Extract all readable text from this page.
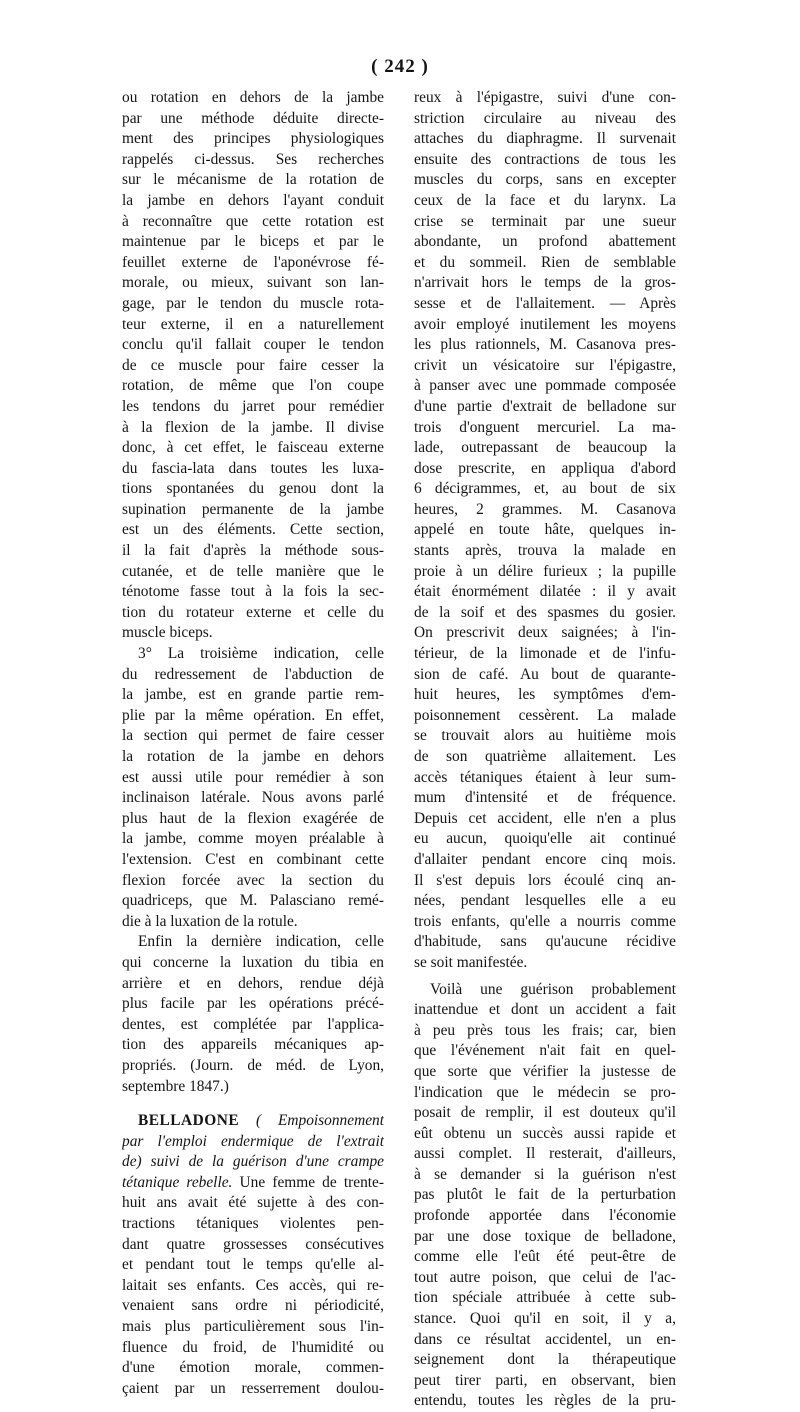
( 242 )
ou rotation en dehors de la jambe
par une méthode déduite directe-
ment des principes physiologiques
rappelés ci-dessus. Ses recherches
sur le mécanisme de la rotation de
la jambe en dehors l'ayant conduit
à reconnaître que cette rotation est
maintenue par le biceps et par le
feuillet externe de l'aponévrose fé-
morale, ou mieux, suivant son lan-
gage, par le tendon du muscle rota-
teur externe, il en a naturellement
conclu qu'il fallait couper le tendon
de ce muscle pour faire cesser la
rotation, de même que l'on coupe
les tendons du jarret pour remédier
à la flexion de la jambe. Il divise
donc, à cet effet, le faisceau externe
du fascia-lata dans toutes les luxa-
tions spontanées du genou dont la
supination permanente de la jambe
est un des éléments. Cette section,
il la fait d'après la méthode sous-
cutanée, et de telle manière que le
ténotome fasse tout à la fois la sec-
tion du rotateur externe et celle du
muscle biceps.
3° La troisième indication, celle
du redressement de l'abduction de
la jambe, est en grande partie rem-
plie par la même opération. En effet,
la section qui permet de faire cesser
la rotation de la jambe en dehors
est aussi utile pour remédier à son
inclinaison latérale. Nous avons parlé
plus haut de la flexion exagérée de
la jambe, comme moyen préalable à
l'extension. C'est en combinant cette
flexion forcée avec la section du
quadriceps, que M. Palasciano remé-
die à la luxation de la rotule.
Enfin la dernière indication, celle
qui concerne la luxation du tibia en
arrière et en dehors, rendue déjà
plus facile par les opérations précé-
dentes, est complétée par l'applica-
tion des appareils mécaniques ap-
propriés. (Journ. de méd. de Lyon,
septembre 1847.)
BELLADONE ( Empoisonnement
par l'emploi endermique de l'extrait
de) suivi de la guérison d'une crampe
tétanique rebelle. Une femme de trente-
huit ans avait été sujette à des con-
tractions tétaniques violentes pen-
dant quatre grossesses consécutives
et pendant tout le temps qu'elle al-
laitait ses enfants. Ces accès, qui re-
venaient sans ordre ni périodicité,
mais plus particulièrement sous l'in-
fluence du froid, de l'humidité ou
d'une émotion morale, commen-
çaient par un resserrement doulou-
reux à l'épigastre, suivi d'une con-
striction circulaire au niveau des
attaches du diaphragme. Il survenait
ensuite des contractions de tous les
muscles du corps, sans en excepter
ceux de la face et du larynx. La
crise se terminait par une sueur
abondante, un profond abattement
et du sommeil. Rien de semblable
n'arrivait hors le temps de la gros-
sesse et de l'allaitement. — Après
avoir employé inutilement les moyens
les plus rationnels, M. Casanova pres-
crivit un vésicatoire sur l'épigastre,
à panser avec une pommade composée
d'une partie d'extrait de belladone sur
trois d'onguent mercuriel. La ma-
lade, outrepassant de beaucoup la
dose prescrite, en appliqua d'abord
6 décigrammes, et, au bout de six
heures, 2 grammes. M. Casanova
appelé en toute hâte, quelques in-
stants après, trouva la malade en
proie à un délire furieux ; la pupille
était énormément dilatée : il y avait
de la soif et des spasmes du gosier.
On prescrivit deux saignées; à l'in-
térieur, de la limonade et de l'infu-
sion de café. Au bout de quarante-
huit heures, les symptômes d'em-
poisonnement cessèrent. La malade
se trouvait alors au huitième mois
de son quatrième allaitement. Les
accès tétaniques étaient à leur sum-
mum d'intensité et de fréquence.
Depuis cet accident, elle n'en a plus
eu aucun, quoiqu'elle ait continué
d'allaiter pendant encore cinq mois.
Il s'est depuis lors écoulé cinq an-
nées, pendant lesquelles elle a eu
trois enfants, qu'elle a nourris comme
d'habitude, sans qu'aucune récidive
se soit manifestée.
Voilà une guérison probablement
inattendue et dont un accident a fait
à peu près tous les frais; car, bien
que l'événement n'ait fait en quel-
que sorte que vérifier la justesse de
l'indication que le médecin se pro-
posait de remplir, il est douteux qu'il
eût obtenu un succès aussi rapide et
aussi complet. Il resterait, d'ailleurs,
à se demander si la guérison n'est
pas plutôt le fait de la perturbation
profonde apportée dans l'économie
par une dose toxique de belladone,
comme elle l'eût été peut-être de
tout autre poison, que celui de l'ac-
tion spéciale attribuée à cette sub-
stance. Quoi qu'il en soit, il y a,
dans ce résultat accidentel, un en-
seignement dont la thérapeutique
peut tirer parti, en observant, bien
entendu, toutes les règles de la pru-
